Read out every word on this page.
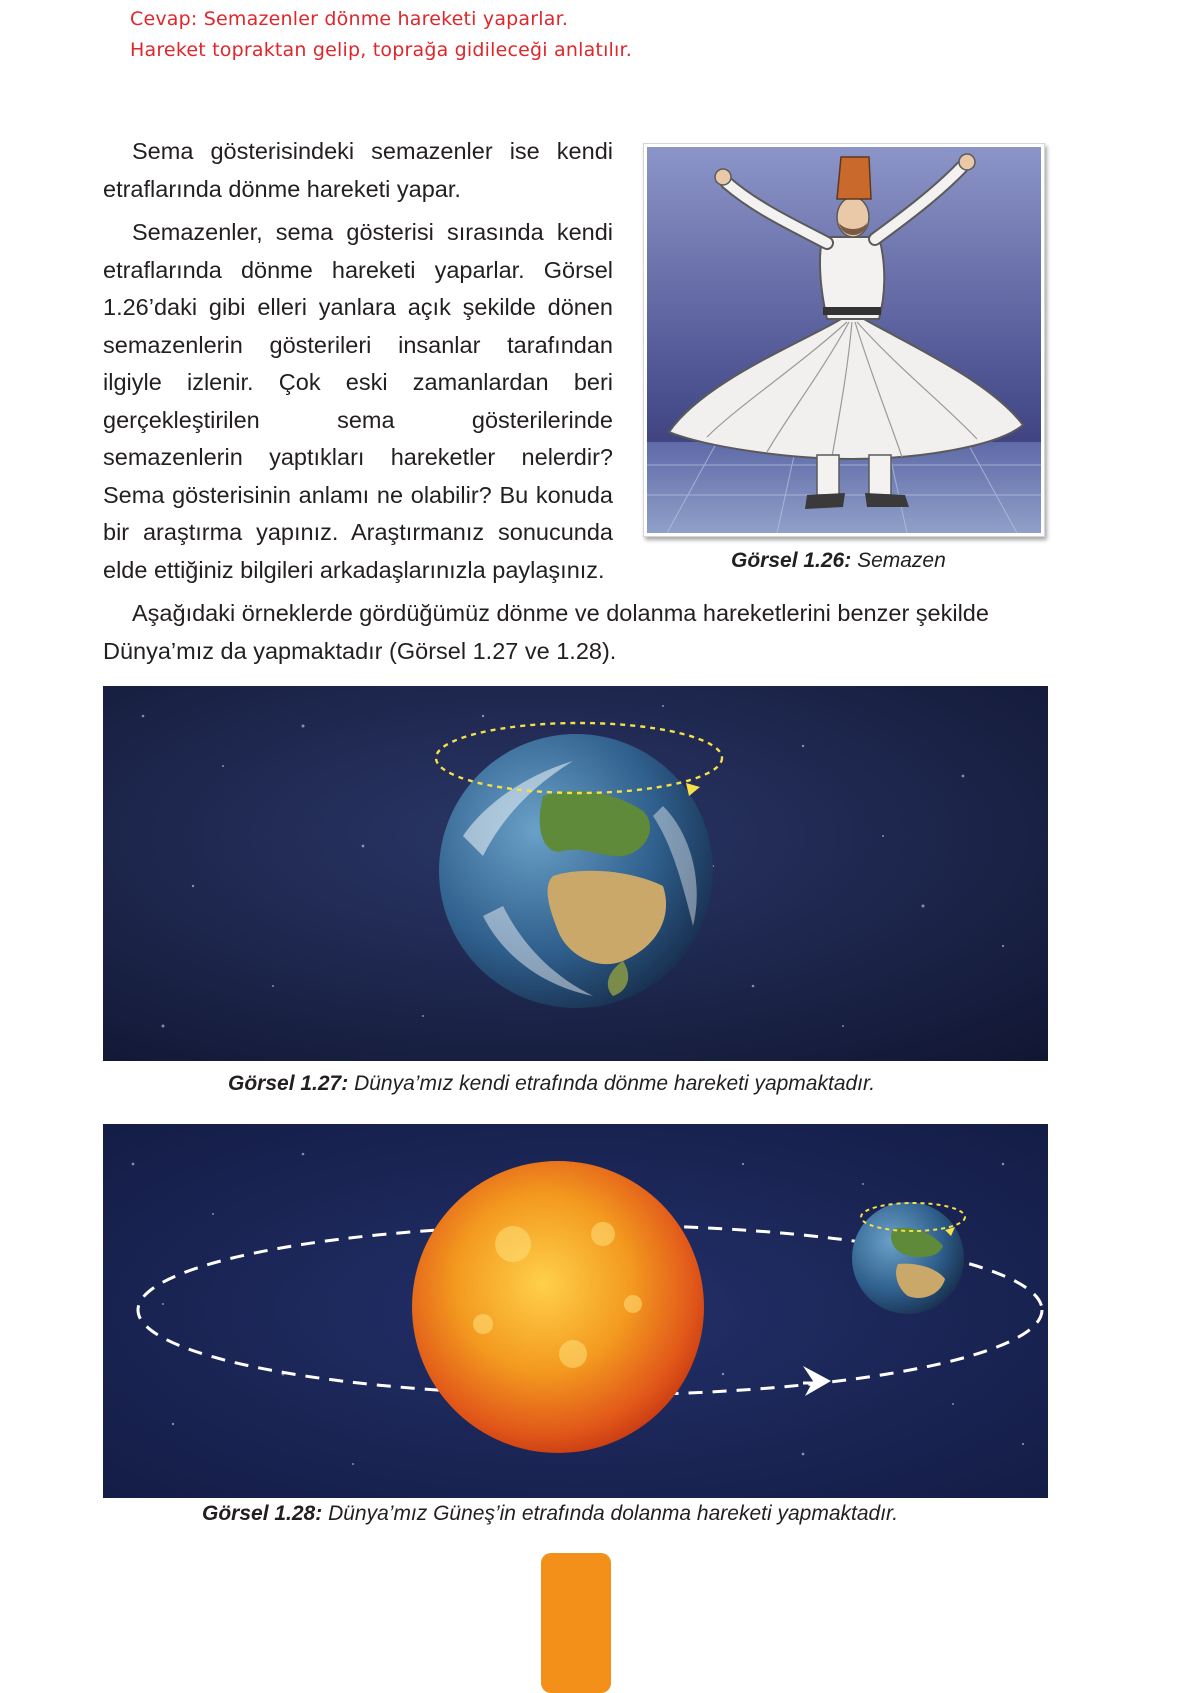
Cevap: Semazenler dönme hareketi yaparlar.
Hareket topraktan gelip, toprağa gidileceği anlatılır.

Sema gösterisindeki semazenler ise kendi etraflarında dönme hareketi yapar.

Semazenler, sema gösterisi sırasında kendi etraflarında dönme hareketi yaparlar. Görsel 1.26’daki gibi elleri yanlara açık şekilde dönen semazenlerin gösterileri insanlar tarafından ilgiyle izlenir. Çok eski zamanlardan beri gerçekleştirilen sema gösterilerinde semazenlerin yaptıkları hareketler nelerdir? Sema gösterisinin anlamı ne olabilir? Bu konuda bir araştırma yapınız. Araştırmanız sonucunda elde ettiğiniz bilgileri arkadaşlarınızla paylaşınız.	Görsel 1.26: Semazen

Aşağıdaki örneklerde gördüğümüz dönme ve dolanma hareketlerini benzer şekilde Dünya’mız da yapmaktadır (Görsel 1.27 ve 1.28).

Görsel 1.27: Dünya’mız kendi etrafında dönme hareketi yapmaktadır.
Görsel 1.28: Dünya’mız Güneş’in etrafında dolanma hareketi yapmaktadır.
